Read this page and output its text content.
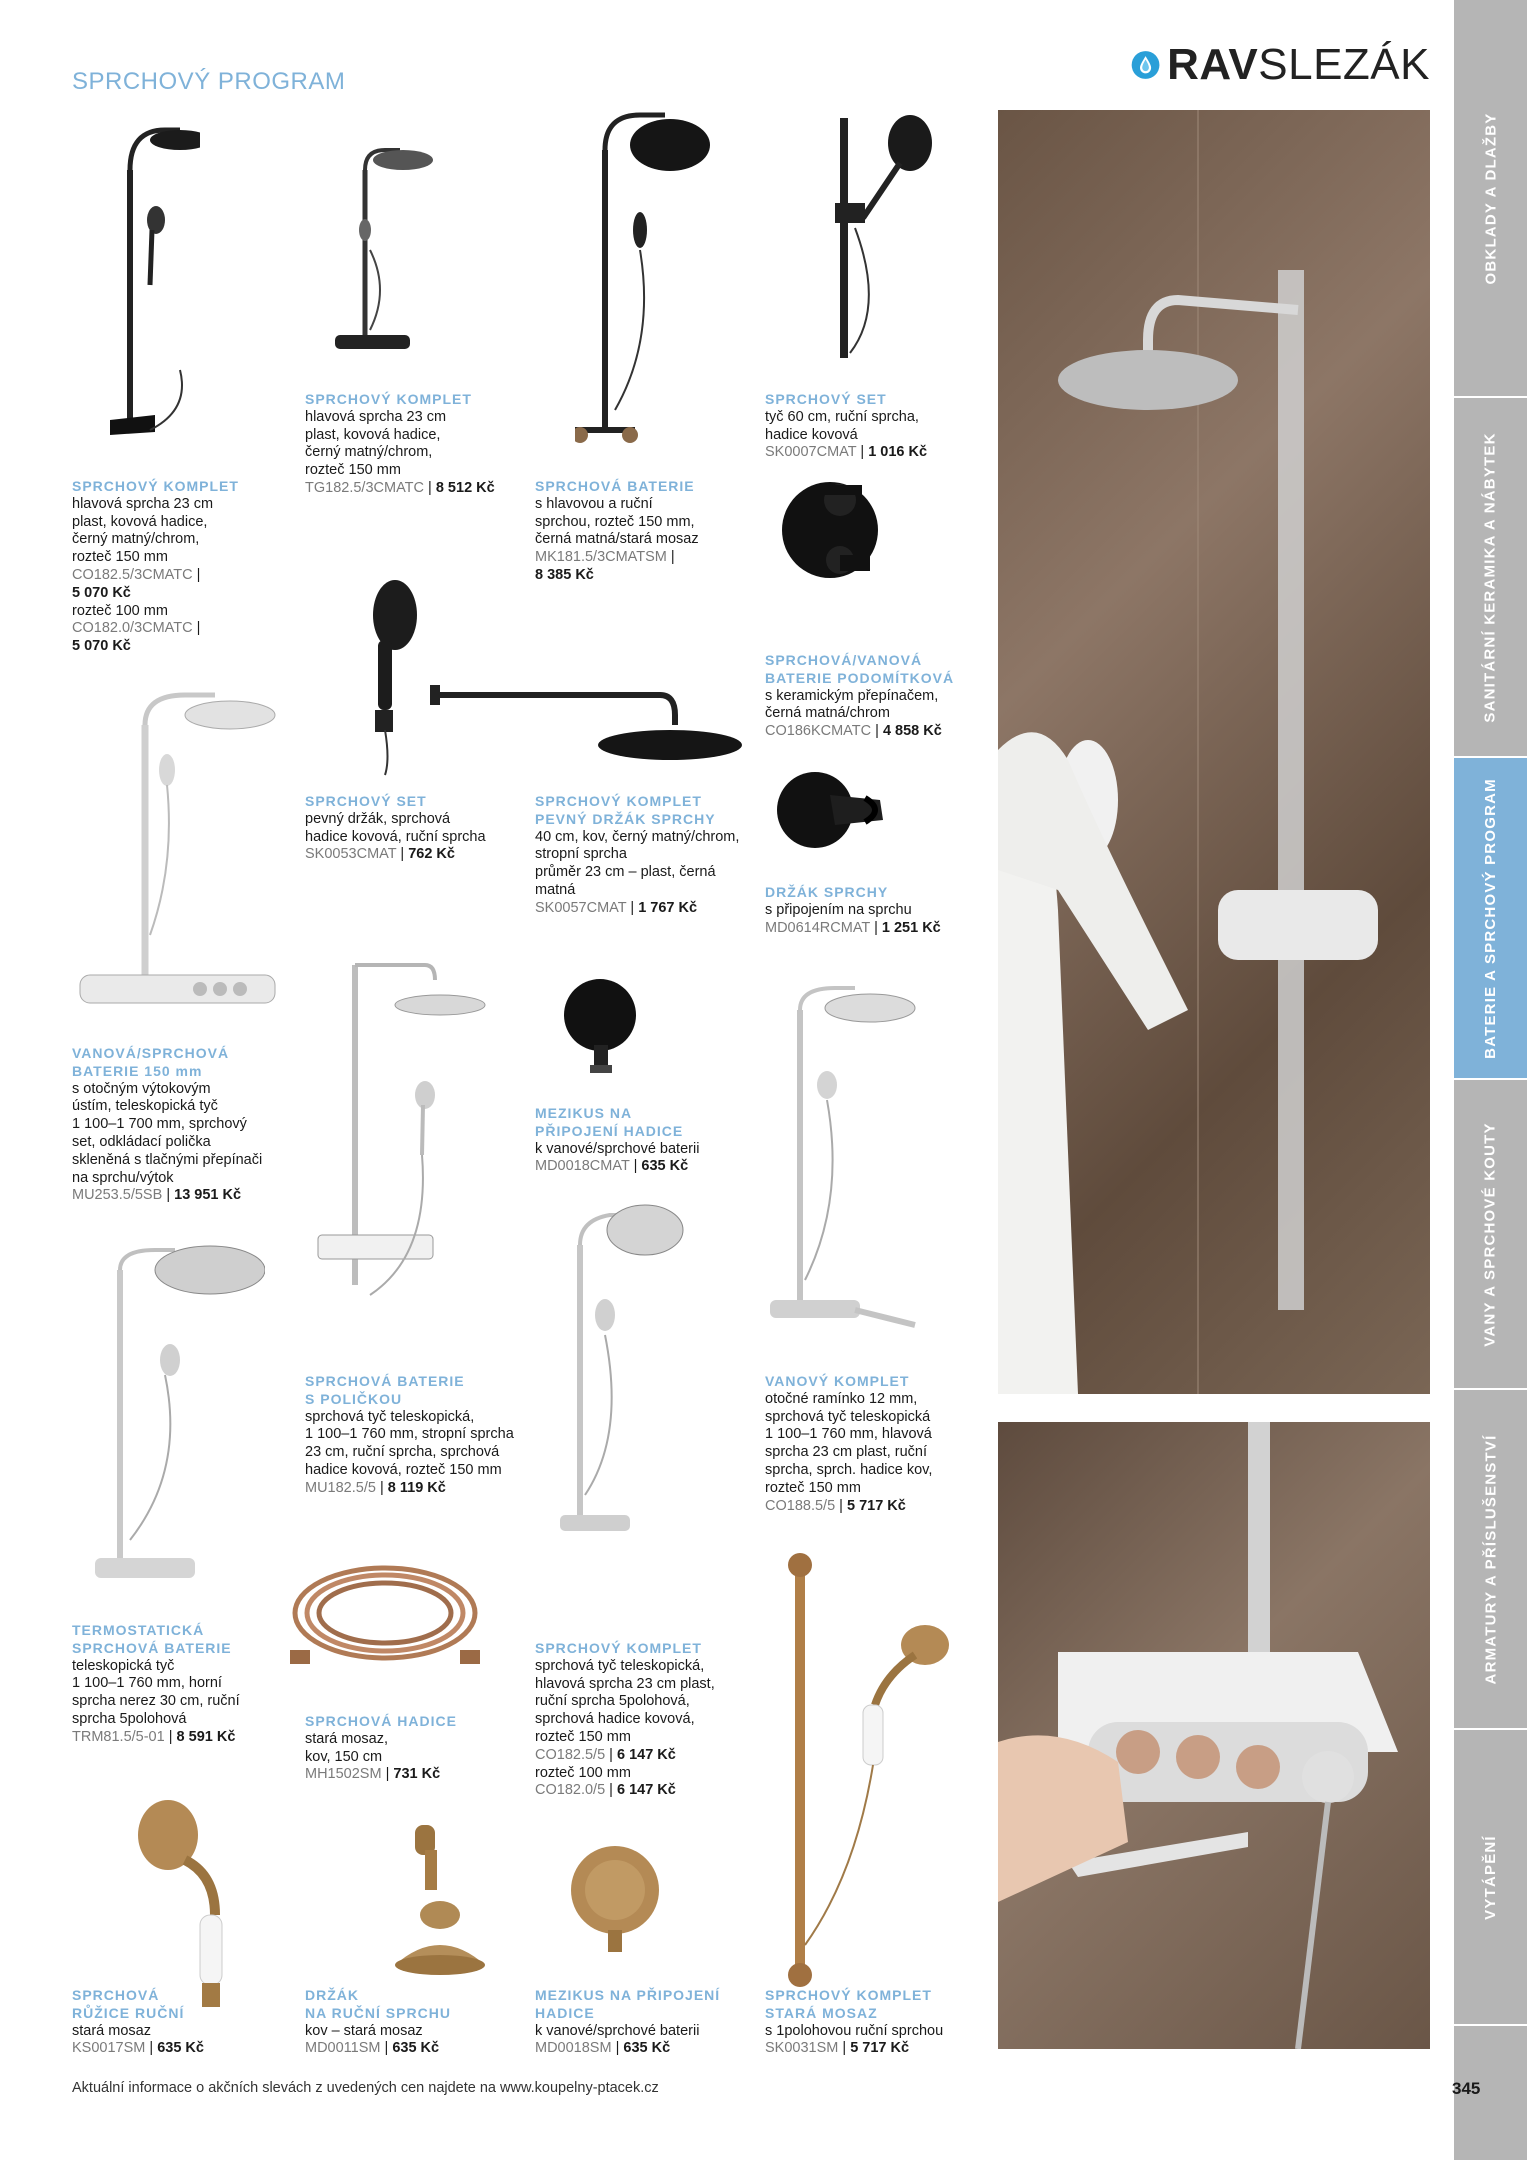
SPRCHOVÝ PROGRAM	RAVSLEZÁK
OBKLADY A DLAŽBY
SANITÁRNÍ KERAMIKA A NÁBYTEK
BATERIE A SPRCHOVÝ PROGRAM
VANY A SPRCHOVÉ KOUTY
ARMATURY A PŘÍSLUŠENSTVÍ
VYTÁPĚNÍ
SPRCHOVÝ KOMPLET
hlavová sprcha 23 cm
plast, kovová hadice,
černý matný/chrom,
rozteč 150 mm
CO182.5/3CMATC |
5 070 Kč
rozteč 100 mm
CO182.0/3CMATC |
5 070 Kč
SPRCHOVÝ KOMPLET
hlavová sprcha 23 cm
plast, kovová hadice,
černý matný/chrom,
rozteč 150 mm
TG182.5/3CMATC | 8 512 Kč	SPRCHOVÁ BATERIE
s hlavovou a ruční
sprchou, rozteč 150 mm,
černá matná/stará mosaz
MK181.5/3CMATSM |
8 385 Kč
SPRCHOVÝ SET
tyč 60 cm, ruční sprcha,
hadice kovová
SK0007CMAT | 1 016 Kč
SPRCHOVÁ/VANOVÁ
BATERIE PODOMÍTKOVÁ
s keramickým přepínačem,
černá matná/chrom
CO186KCMATC | 4 858 Kč
VANOVÁ/SPRCHOVÁ
BATERIE 150 mm
s otočným výtokovým
ústím, teleskopická tyč
1 100–1 700 mm, sprchový
set, odkládací polička
skleněná s tlačnými přepínači
na sprchu/výtok
MU253.5/5SB | 13 951 Kč
SPRCHOVÝ SET
pevný držák, sprchová
hadice kovová, ruční sprcha
SK0053CMAT | 762 Kč
SPRCHOVÝ KOMPLET
PEVNÝ DRŽÁK SPRCHY
40 cm, kov, černý matný/chrom,
stropní sprcha
průměr 23 cm – plast, černá
matná
SK0057CMAT | 1 767 Kč
DRŽÁK SPRCHY
s připojením na sprchu
MD0614RCMAT | 1 251 Kč
MEZIKUS NA
PŘIPOJENÍ HADICE
k vanové/sprchové baterii
MD0018CMAT | 635 Kč
SPRCHOVÁ BATERIE
S POLIČKOU
sprchová tyč teleskopická,
1 100–1 760 mm, stropní sprcha
23 cm, ruční sprcha, sprchová
hadice kovová, rozteč 150 mm
MU182.5/5 | 8 119 Kč
VANOVÝ KOMPLET
otočné ramínko 12 mm,
sprchová tyč teleskopická
1 100–1 760 mm, hlavová
sprcha 23 cm plast, ruční
sprcha, sprch. hadice kov,
rozteč 150 mm
CO188.5/5 | 5 717 Kč
TERMOSTATICKÁ
SPRCHOVÁ BATERIE
teleskopická tyč
1 100–1 760 mm, horní
sprcha nerez 30 cm, ruční
sprcha 5polohová
TRM81.5/5-01 | 8 591 Kč
SPRCHOVÁ HADICE
stará mosaz,
kov, 150 cm
MH1502SM | 731 Kč
SPRCHOVÝ KOMPLET
sprchová tyč teleskopická,
hlavová sprcha 23 cm plast,
ruční sprcha 5polohová,
sprchová hadice kovová,
rozteč 150 mm
CO182.5/5 | 6 147 Kč
rozteč 100 mm
CO182.0/5 | 6 147 Kč
SPRCHOVÁ
RŮŽICE RUČNÍ
stará mosaz
KS0017SM | 635 Kč
DRŽÁK
NA RUČNÍ SPRCHU
kov – stará mosaz
MD0011SM | 635 Kč
MEZIKUS NA PŘIPOJENÍ
HADICE
k vanové/sprchové baterii
MD0018SM | 635 Kč
SPRCHOVÝ KOMPLET
STARÁ MOSAZ
s 1polohovou ruční sprchou
SK0031SM | 5 717 Kč
Aktuální informace o akčních slevách z uvedených cen najdete na www.koupelny-ptacek.cz	345
